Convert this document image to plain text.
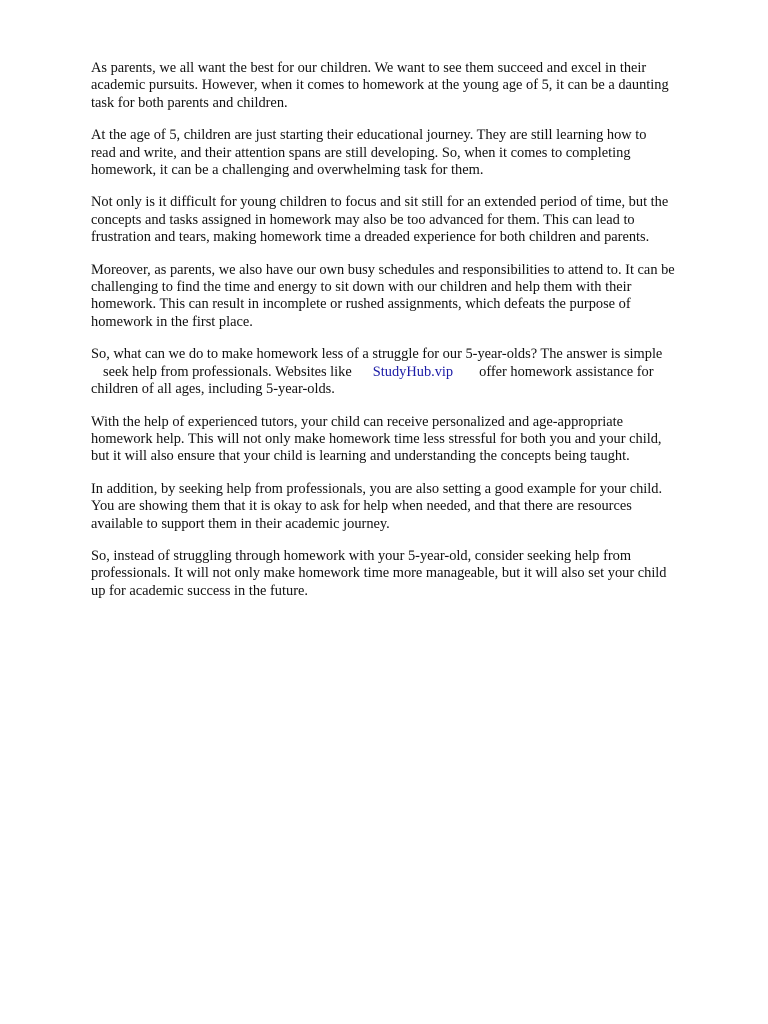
As parents, we all want the best for our children. We want to see them succeed and excel in their
academic pursuits. However, when it comes to homework at the young age of 5, it can be a daunting
task for both parents and children.

At the age of 5, children are just starting their educational journey. They are still learning how to
read and write, and their attention spans are still developing. So, when it comes to completing
homework, it can be a challenging and overwhelming task for them.

Not only is it difficult for young children to focus and sit still for an extended period of time, but the
concepts and tasks assigned in homework may also be too advanced for them. This can lead to
frustration and tears, making homework time a dreaded experience for both children and parents.

Moreover, as parents, we also have our own busy schedules and responsibilities to attend to. It can be
challenging to find the time and energy to sit down with our children and help them with their
homework. This can result in incomplete or rushed assignments, which defeats the purpose of
homework in the first place.

So, what can we do to make homework less of a struggle for our 5-year-olds? The answer is simple
seek help from professionals. Websites like StudyHub.vip offer homework assistance for
children of all ages, including 5-year-olds.

With the help of experienced tutors, your child can receive personalized and age-appropriate
homework help. This will not only make homework time less stressful for both you and your child,
but it will also ensure that your child is learning and understanding the concepts being taught.

In addition, by seeking help from professionals, you are also setting a good example for your child.
You are showing them that it is okay to ask for help when needed, and that there are resources
available to support them in their academic journey.

So, instead of struggling through homework with your 5-year-old, consider seeking help from
professionals. It will not only make homework time more manageable, but it will also set your child
up for academic success in the future.
